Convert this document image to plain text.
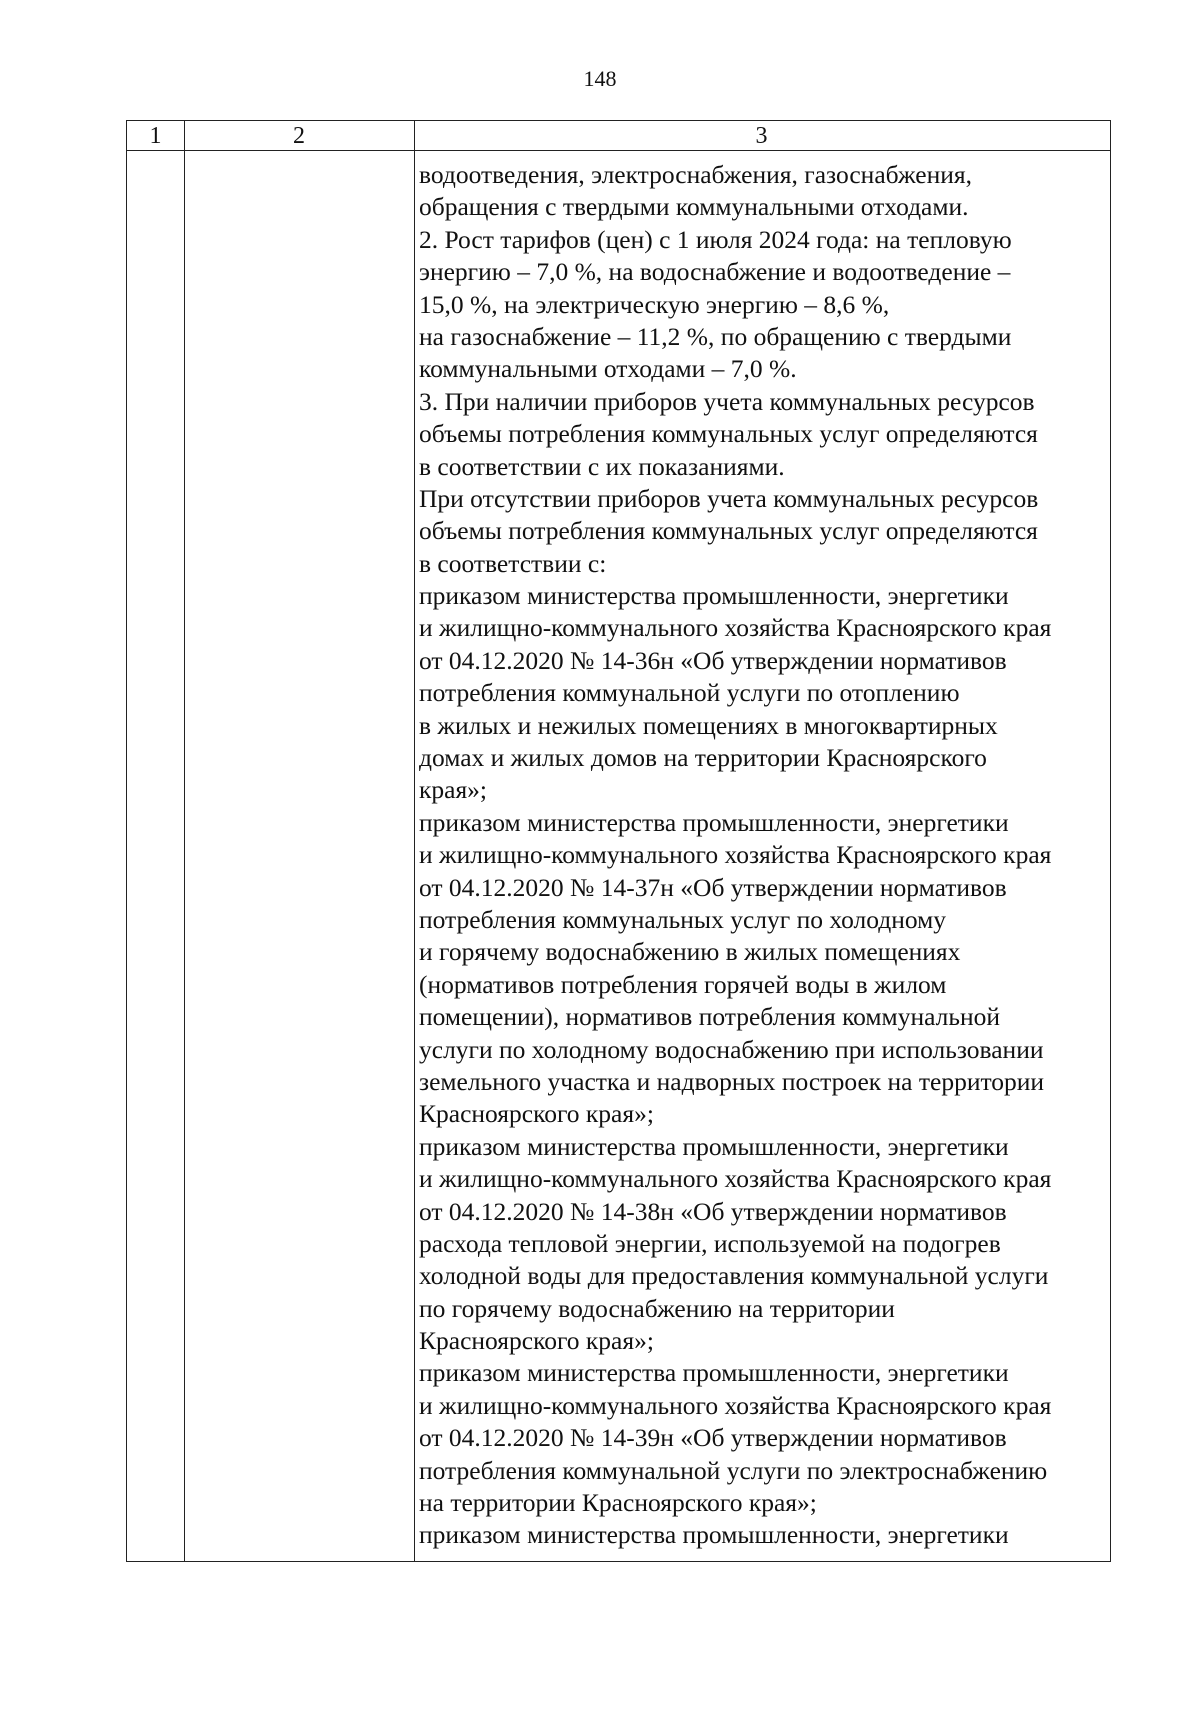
148
1	2	3
водоотведения, электроснабжения, газоснабжения,
обращения с твердыми коммунальными отходами.
2. Рост тарифов (цен) с 1 июля 2024 года: на тепловую
энергию – 7,0 %, на водоснабжение и водоотведение –
15,0 %, на электрическую энергию – 8,6 %,
на газоснабжение – 11,2 %, по обращению с твердыми
коммунальными отходами – 7,0 %.
3. При наличии приборов учета коммунальных ресурсов
объемы потребления коммунальных услуг определяются
в соответствии с их показаниями.
При отсутствии приборов учета коммунальных ресурсов
объемы потребления коммунальных услуг определяются
в соответствии с:
приказом министерства промышленности, энергетики
и жилищно-коммунального хозяйства Красноярского края
от 04.12.2020 № 14-36н «Об утверждении нормативов
потребления коммунальной услуги по отоплению
в жилых и нежилых помещениях в многоквартирных
домах и жилых домов на территории Красноярского
края»;
приказом министерства промышленности, энергетики
и жилищно-коммунального хозяйства Красноярского края
от 04.12.2020 № 14-37н «Об утверждении нормативов
потребления коммунальных услуг по холодному
и горячему водоснабжению в жилых помещениях
(нормативов потребления горячей воды в жилом
помещении), нормативов потребления коммунальной
услуги по холодному водоснабжению при использовании
земельного участка и надворных построек на территории
Красноярского края»;
приказом министерства промышленности, энергетики
и жилищно-коммунального хозяйства Красноярского края
от 04.12.2020 № 14-38н «Об утверждении нормативов
расхода тепловой энергии, используемой на подогрев
холодной воды для предоставления коммунальной услуги
по горячему водоснабжению на территории
Красноярского края»;
приказом министерства промышленности, энергетики
и жилищно-коммунального хозяйства Красноярского края
от 04.12.2020 № 14-39н «Об утверждении нормативов
потребления коммунальной услуги по электроснабжению
на территории Красноярского края»;
приказом министерства промышленности, энергетики
